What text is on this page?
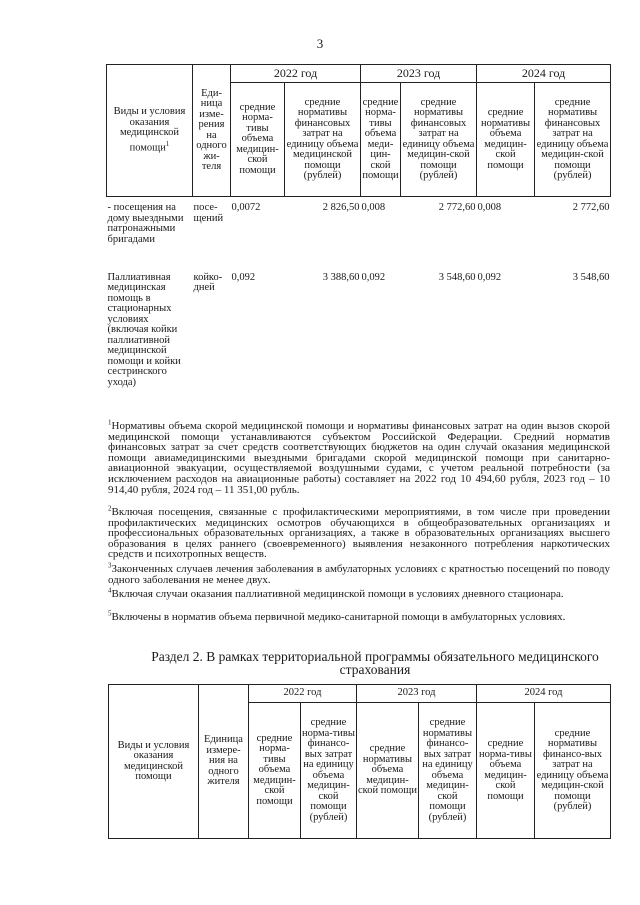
3
Виды и условия оказания медицинской помощи$^1$	Еди-ница изме-рения на одного жи-теля	2022 год		2023 год		2024 год	
		средние норма-тивы объема медицин-ской помощи	средние нормативы финансовых затрат на единицу объема медицинской помощи (рублей)	средние норма-тивы объема меди-цин-ской помощи	средние нормативы финансовых затрат на единицу объема медицин-ской помощи (рублей)	средние нормативы объема медицин-ской помощи	средние нормативы финансовых затрат на единицу объема медицин-ской помощи (рублей)
- посещения на дому выездными патронажными бригадами	посе-щений	0,0072	2 826,50	0,008	2 772,60	0,008	2 772,60
Паллиативная медицинская помощь в стационарных условиях (включая койки паллиативной медицинской помощи и койки сестринского ухода)	койко-дней	0,092	3 388,60	0,092	3 548,60	0,092	3 548,60
$^1$Нормативы объема скорой медицинской помощи и нормативы финансовых затрат на один вызов скорой медицинской помощи устанавливаются субъектом Российской Федерации. Средний норматив финансовых затрат за счет средств соответствующих бюджетов на один случай оказания медицинской помощи авиамедицинскими выездными бригадами скорой медицинской помощи при санитарно-авиационной эвакуации, осуществляемой воздушными судами, с учетом реальной потребности (за исключением расходов на авиационные работы) составляет на 2022 год 10 494,60 рубля, 2023 год – 10 914,40 рубля, 2024 год – 11 351,00 рубль.
$^2$Включая посещения, связанные с профилактическими мероприятиями, в том числе при проведении профилактических медицинских осмотров обучающихся в общеобразовательных организациях и профессиональных образовательных организациях, а также в образовательных организациях высшего образования в целях раннего (своевременного) выявления незаконного потребления наркотических средств и психотропных веществ.
$^3$Законченных случаев лечения заболевания в амбулаторных условиях с кратностью посещений по поводу одного заболевания не менее двух.
$^4$Включая случаи оказания паллиативной медицинской помощи в условиях дневного стационара.
$^5$Включены в норматив объема первичной медико-санитарной помощи в амбулаторных условиях.
Раздел 2. В рамках территориальной программы обязательного медицинского страхования
Виды и условия оказания медицинской помощи	Единица измере-ния на одного жителя	2022 год		2023 год		2024 год	
		средние норма-тивы объема медицин-ской помощи	средние норма-тивы финансо-вых затрат на единицу объема медицин-ской помощи (рублей)	средние нормативы объема медицин-ской помощи	средние нормативы финансо-вых затрат на единицу объема медицин-ской помощи (рублей)	средние норма-тивы объема медицин-ской помощи	средние нормативы финансо-вых затрат на единицу объема медицин-ской помощи (рублей)
